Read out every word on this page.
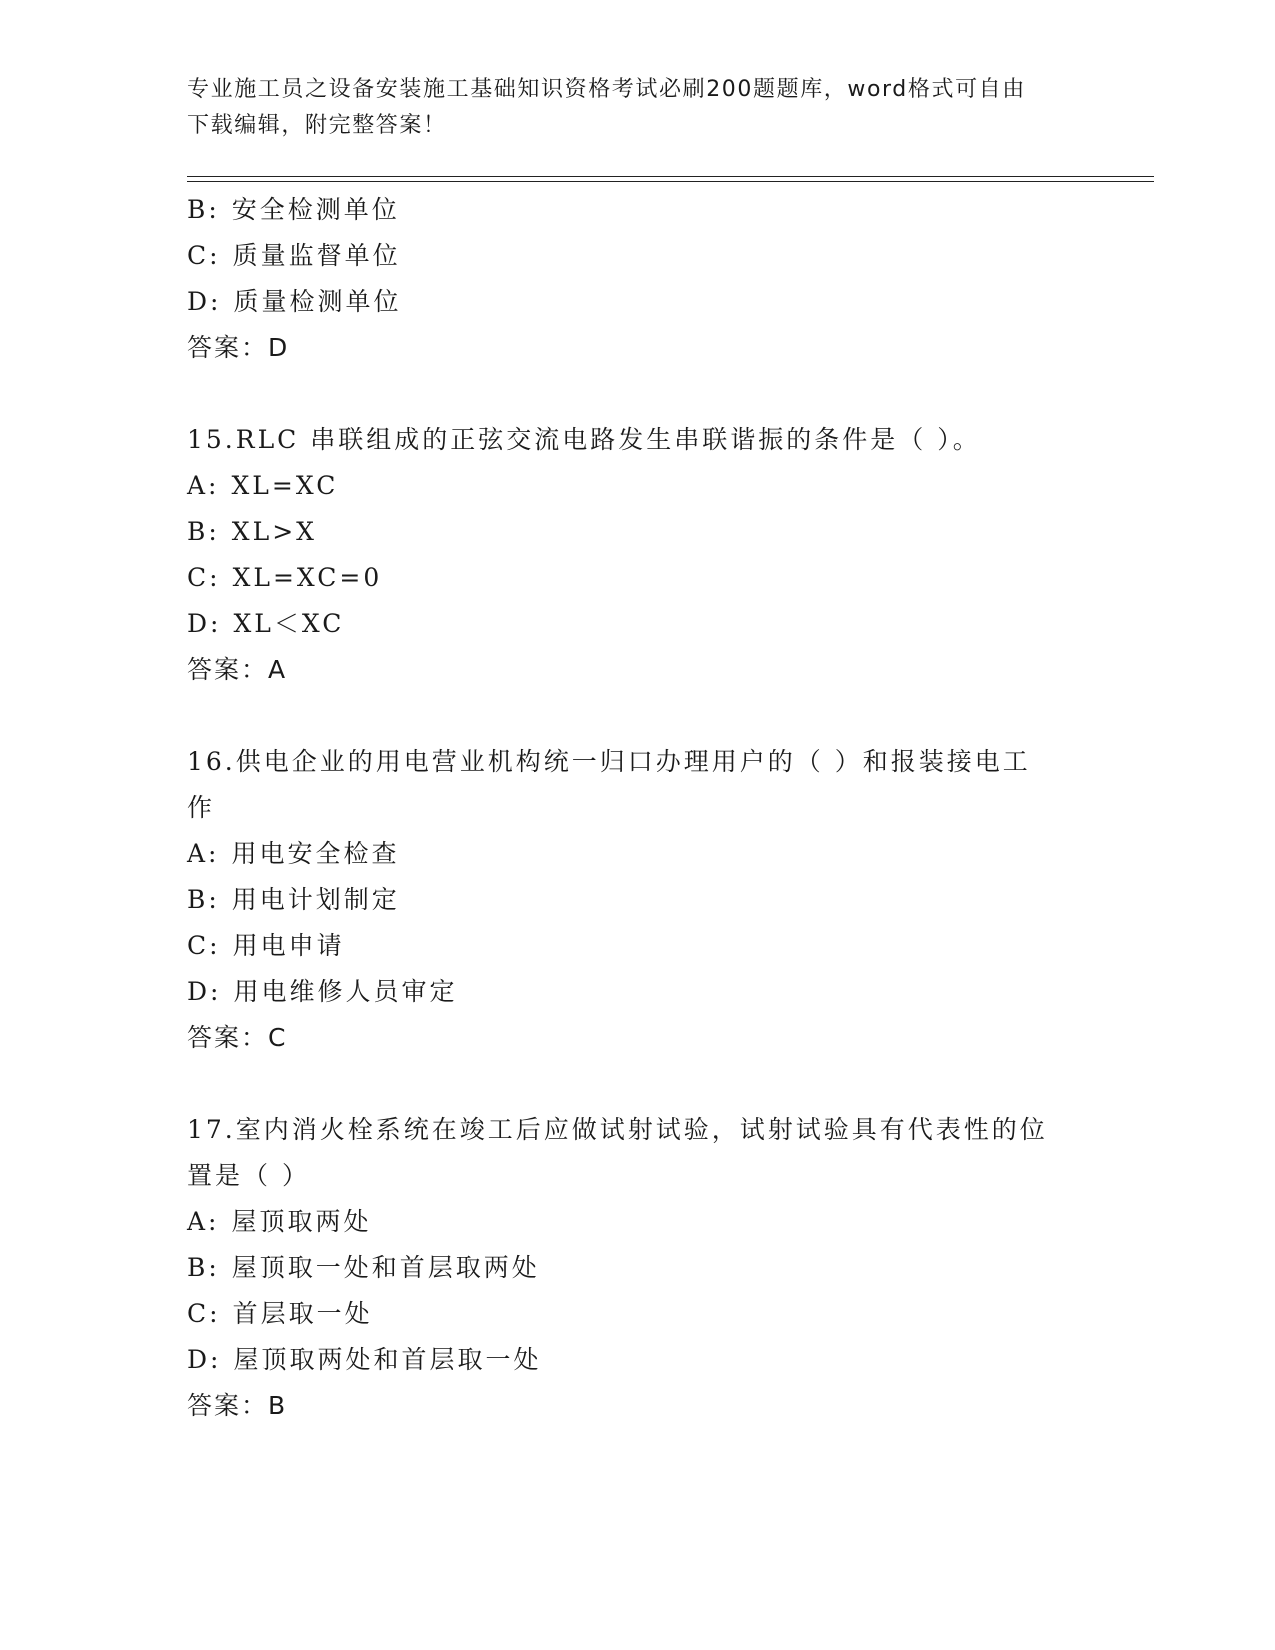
专业施工员之设备安装施工基础知识资格考试必刷200题题库，word格式可自由
下载编辑，附完整答案！
B: 安全检测单位
C: 质量监督单位
D: 质量检测单位
答案：D
15.RLC 串联组成的正弦交流电路发生串联谐振的条件是（ ）。
A: XL=XC
B: XL>X
C: XL=XC=0
D: XL＜XC
答案：A
16.供电企业的用电营业机构统一归口办理用户的（ ）和报装接电工
作
A: 用电安全检查
B: 用电计划制定
C: 用电申请
D: 用电维修人员审定
答案：C
17.室内消火栓系统在竣工后应做试射试验，试射试验具有代表性的位
置是（ ）
A: 屋顶取两处
B: 屋顶取一处和首层取两处
C: 首层取一处
D: 屋顶取两处和首层取一处
答案：B
